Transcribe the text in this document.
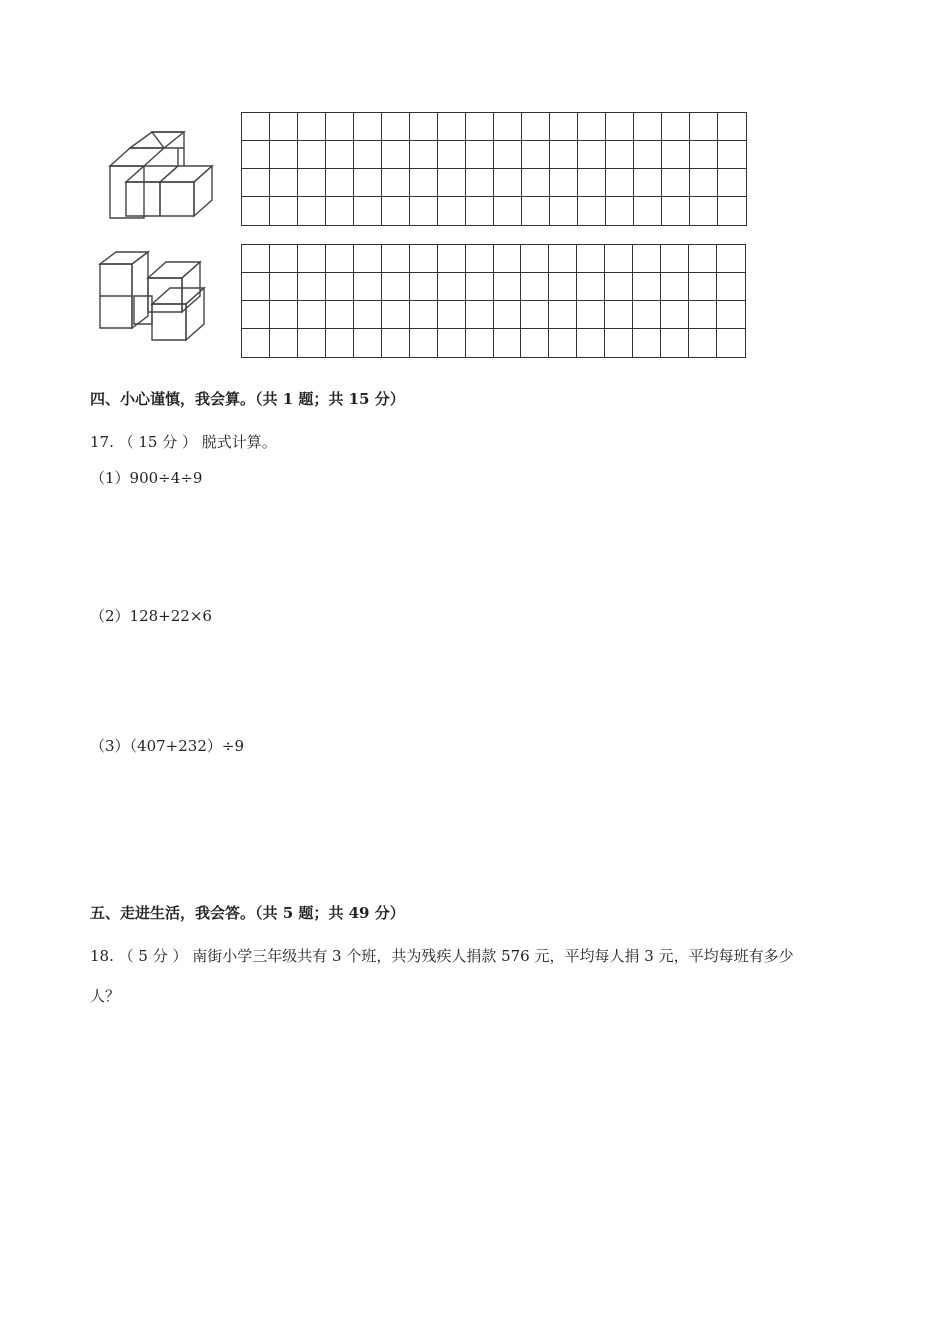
四、小心谨慎，我会算。（共 1 题；共 15 分）
17. （ 15 分 ） 脱式计算。
（1）900÷4÷9
（2）128+22×6
（3）（407+232）÷9
五、走进生活，我会答。（共 5 题；共 49 分）
18. （ 5 分 ） 南街小学三年级共有 3 个班，共为残疾人捐款 576 元，平均每人捐 3 元，平均每班有多少
人？
